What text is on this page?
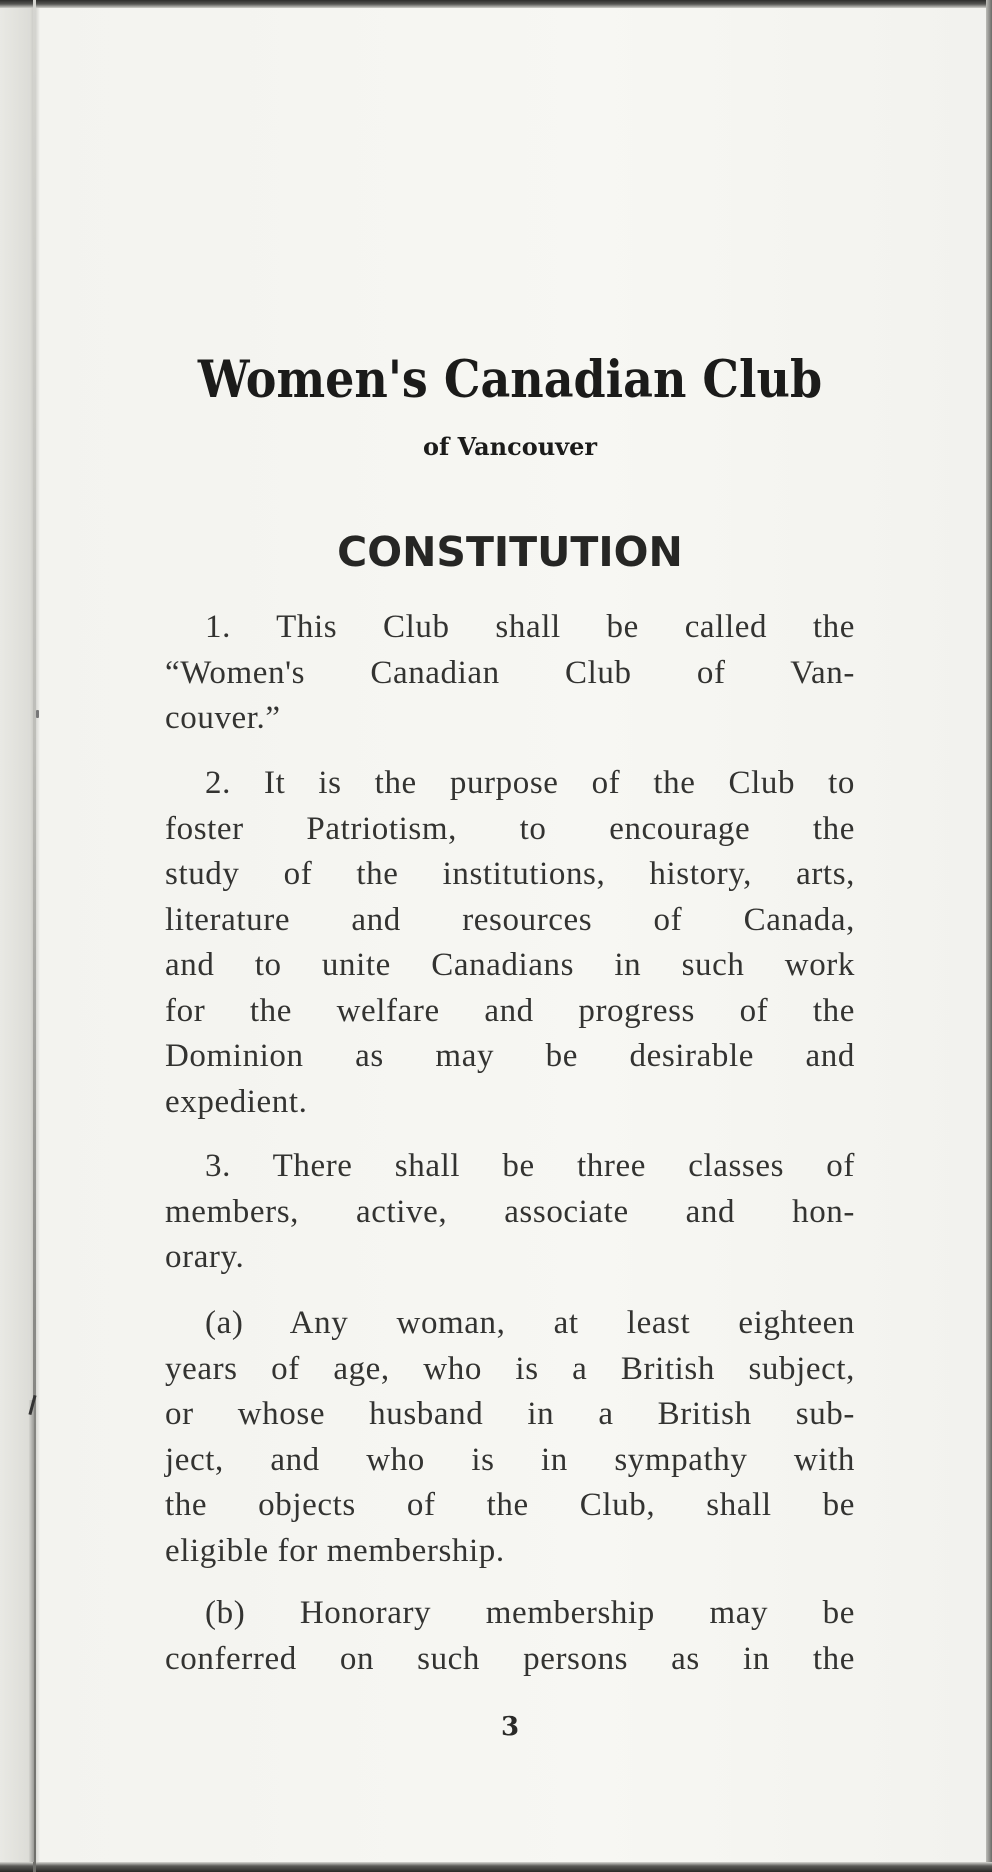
Women's Canadian Club
of Vancouver
CONSTITUTION
1. This Club shall be called the
“Women's Canadian Club of Van-
couver.”
2. It is the purpose of the Club to
foster Patriotism, to encourage the
study of the institutions, history, arts,
literature and resources of Canada,
and to unite Canadians in such work
for the welfare and progress of the
Dominion as may be desirable and
expedient.
3. There shall be three classes of
members, active, associate and hon-
orary.
(a) Any woman, at least eighteen
years of age, who is a British subject,
or whose husband in a British sub-
ject, and who is in sympathy with
the objects of the Club, shall be
eligible for membership.
(b) Honorary membership may be
conferred on such persons as in the
3
